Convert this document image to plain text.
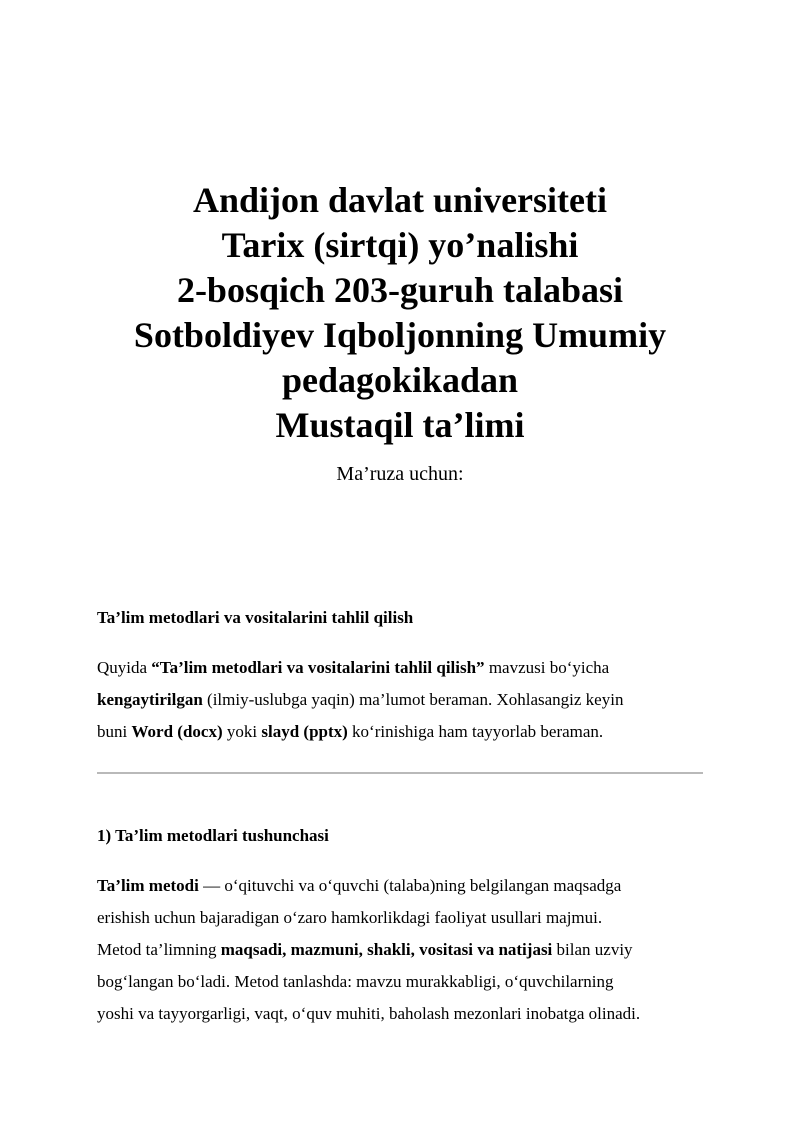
Andijon davlat universiteti
Tarix (sirtqi) yo’nalishi
2-bosqich 203-guruh talabasi
Sotboldiyev Iqboljonning Umumiy
pedagokikadan
Mustaqil ta’limi
Ma’ruza uchun:
Ta’lim metodlari va vositalarini tahlil qilish
Quyida “Ta’lim metodlari va vositalarini tahlil qilish” mavzusi bo‘yicha
kengaytirilgan (ilmiy-uslubga yaqin) ma’lumot beraman. Xohlasangiz keyin
buni Word (docx) yoki slayd (pptx) ko‘rinishiga ham tayyorlab beraman.
1) Ta’lim metodlari tushunchasi
Ta’lim metodi — o‘qituvchi va o‘quvchi (talaba)ning belgilangan maqsadga
erishish uchun bajaradigan o‘zaro hamkorlikdagi faoliyat usullari majmui.
Metod ta’limning maqsadi, mazmuni, shakli, vositasi va natijasi bilan uzviy
bog‘langan bo‘ladi. Metod tanlashda: mavzu murakkabligi, o‘quvchilarning
yoshi va tayyorgarligi, vaqt, o‘quv muhiti, baholash mezonlari inobatga olinadi.
